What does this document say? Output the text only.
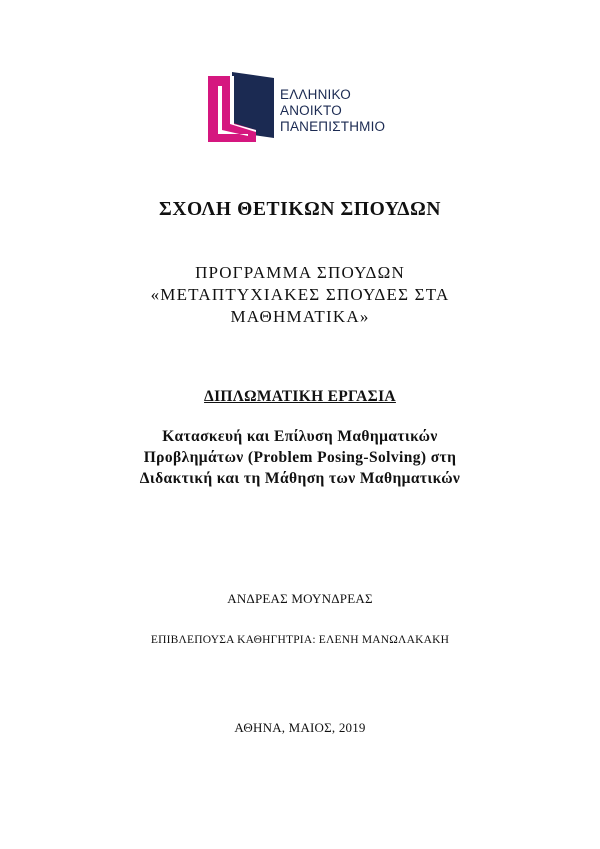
ΕΛΛΗΝΙΚΟ
ΑΝΟΙΚΤΟ
ΠΑΝΕΠΙΣΤΗΜΙΟ
ΣΧΟΛΗ ΘΕΤΙΚΩΝ ΣΠΟΥΔΩΝ
ΠΡΟΓΡΑΜΜΑ ΣΠΟΥΔΩΝ
«ΜΕΤΑΠΤΥΧΙΑΚΕΣ ΣΠΟΥΔΕΣ ΣΤΑ
ΜΑΘΗΜΑΤΙΚΑ»
ΔΙΠΛΩΜΑΤΙΚΗ ΕΡΓΑΣΙΑ
Κατασκευή και Επίλυση Μαθηματικών
Προβλημάτων (Problem Posing-Solving) στη
Διδακτική και τη Μάθηση των Μαθηματικών
ΑΝΔΡΕΑΣ ΜΟΥΝΔΡΕΑΣ
ΕΠΙΒΛΕΠΟΥΣΑ ΚΑΘΗΓΗΤΡΙΑ: ΕΛΕΝΗ ΜΑΝΩΛΑΚΑΚΗ
ΑΘΗΝΑ, ΜΑΙΟΣ, 2019
